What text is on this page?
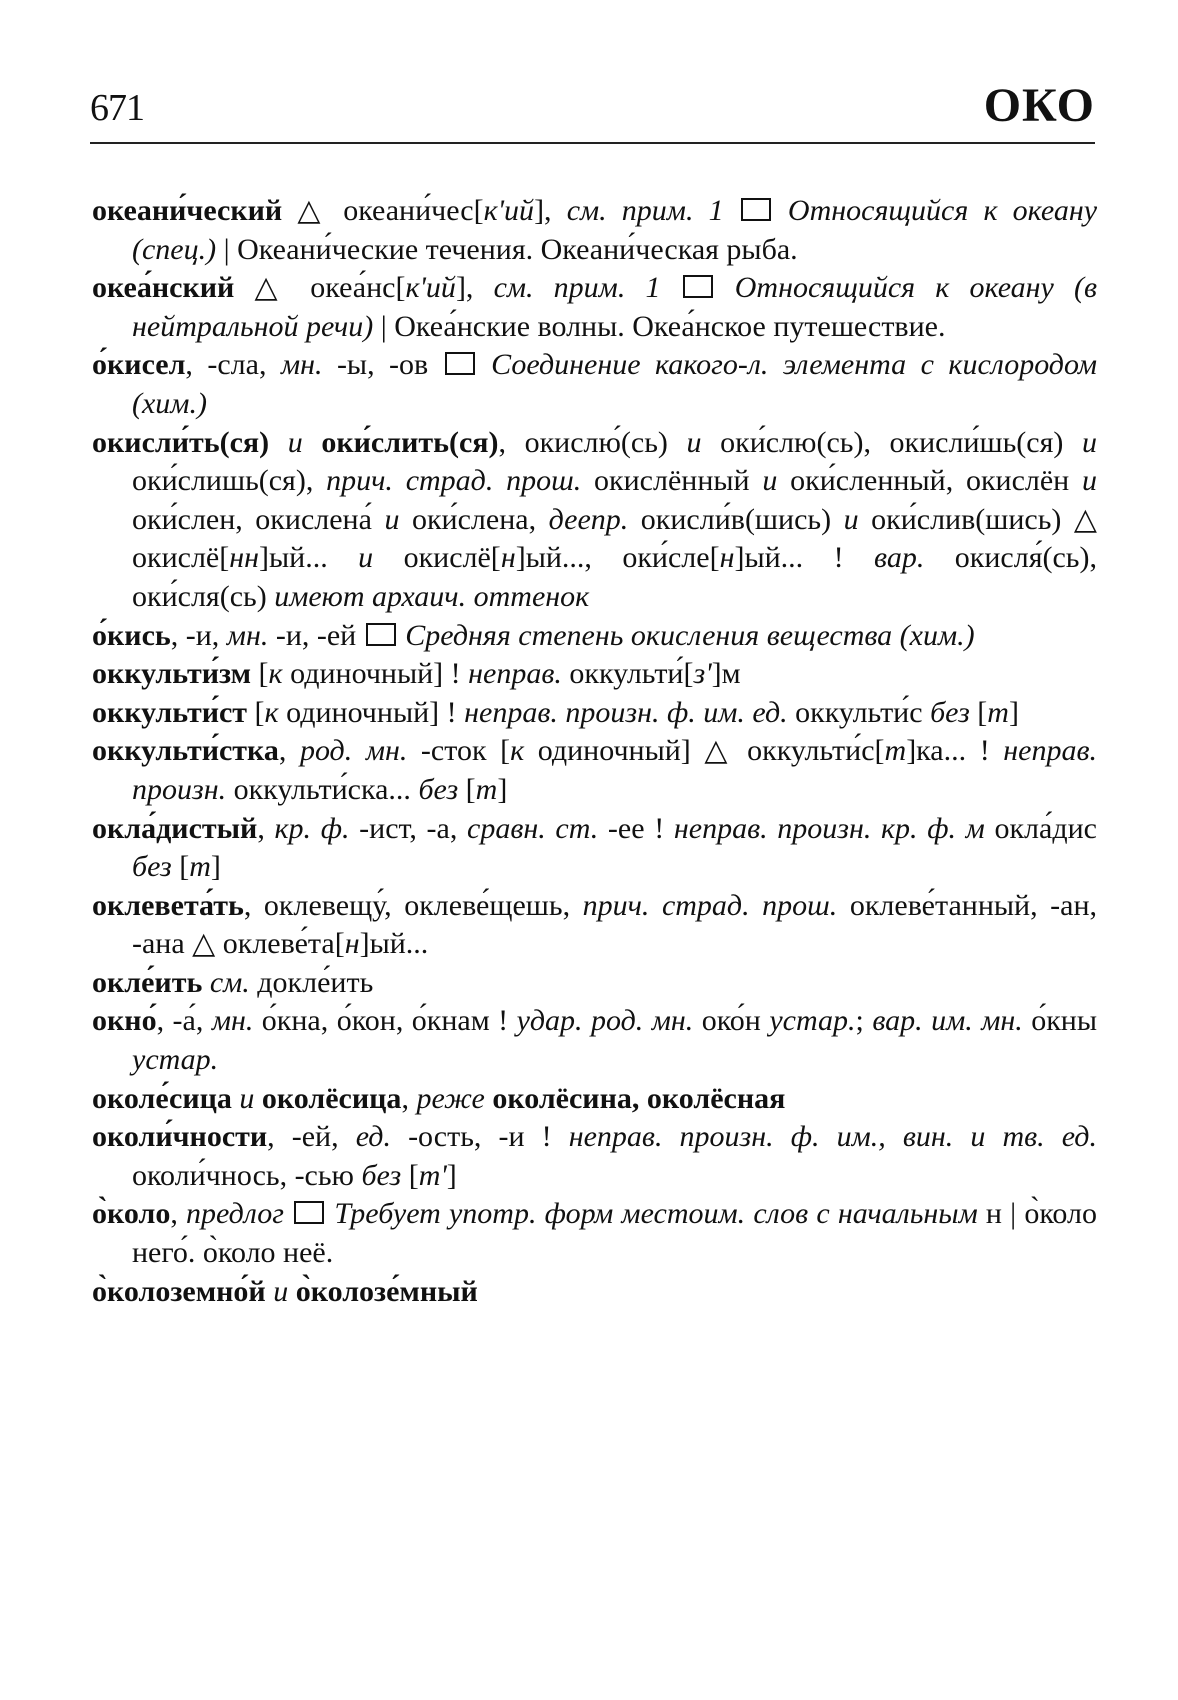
671	ОКО

океани́ческий △ океани́чес[кʹий], см. прим. 1 Относящийся к океану (спец.) | Океани́ческие течения. Океани́ческая рыба.

океа́нский △ океа́нс[кʹий], см. прим. 1 Относящийся к океану (в нейтральной речи) | Океа́нские волны. Океа́нское путешествие.

о́кисел, -сла, мн. -ы, -ов  Соединение какого-л. элемента с кислородом (хим.)

окисли́ть(ся) и оки́слить(ся), окислю́(сь) и оки́слю(сь), окисли́шь(ся) и оки́слишь(ся), прич. страд. прош. окислённый и оки́сленный, окислён и оки́слен, окислена́ и оки́слена, деепр. окисли́в(шись) и оки́слив(шись) △ окислё[нн]ый... и окислё[н]ый..., оки́сле[н]ый... ! вар. окисля́(сь), оки́сля(сь) имеют архаич. оттенок

о́кись, -и, мн. -и, -ей  Средняя степень окисления вещества (хим.)

оккульти́зм [к одиночный] ! неправ. оккульти́[зʹ]м

оккульти́ст [к одиночный] ! неправ. произн. ф. им. ед. оккульти́с без [т]

оккульти́стка, род. мн. -сток [к одиночный] △ оккульти́с[т]ка... ! неправ. произн. оккульти́ска... без [т]

окла́дистый, кр. ф. -ист, -а, сравн. ст. -ее ! неправ. произн. кр. ф. м окла́дис без [т]

оклевета́ть, оклевещу́, оклеве́щешь, прич. страд. прош. оклеве́танный, -ан, -ана △ оклеве́та[н]ый...

окле́ить см. докле́ить

окно́, -а́, мн. о́кна, о́кон, о́кнам ! удар. род. мн. око́н устар.; вар. им. мн. о́кны устар.

околе́сица и околёсица, реже околёсина, околёсная

околи́чности, -ей, ед. -ость, -и ! неправ. произн. ф. им., вин. и тв. ед. околи́чнось, -сью без [тʹ]

о̀коло, предлог Требует употр. форм местоим. слов с начальным н | о̀коло него́. о̀коло неё.

о̀колоземно́й и о̀колозе́мный
